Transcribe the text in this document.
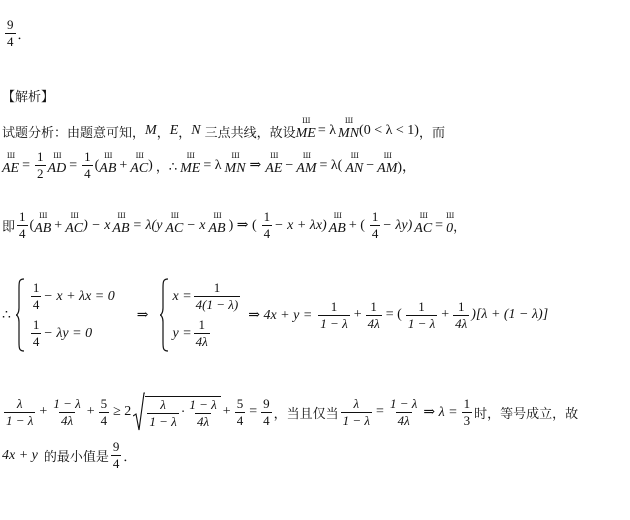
$\frac{9}{4}$ ．
【解析】
试题分析：由题意可知， M ， E ， N 三点共线，故设 Ш ME = λ Ш MN (0 < λ < 1) ，而
Ш AE = $\frac{1}{2}$ Ш AD = $\frac{1}{4}$ ( Ш AB + Ш AC ) ，∴ Ш ME = λ Ш MN ⇒ Ш AE − Ш AM = λ( Ш AN − Ш AM )，
即 $\frac{1}{4}$ ( Ш AB + Ш AC ) − x Ш AB = λ(y Ш AC − x Ш AB ) ⇒ ( $\frac{1}{4} - x + \lambda x$) Ш AB + ( $\frac{1}{4} - \lambda y$) Ш AC = Ш 0 ，
∴
$\frac{1}{4} - x + \lambda x = 0$
$\frac{1}{4} - \lambda y = 0$
⇒
$x = \frac{1}{4(1 - \lambda)}$
$y = \frac{1}{4\lambda}$
⇒ $4x + y = \frac{1}{1 - \lambda} + \frac{1}{4\lambda}$ = ( $\frac{1}{1 - \lambda} + \frac{1}{4\lambda} )[\lambda + (1 - \lambda)]$
$\frac{\lambda}{1 - \lambda} + \frac{1 - \lambda}{4\lambda} + \frac{5}{4} \ge 2 \frac{\lambda}{1 - \lambda} \cdot \frac{1 - \lambda}{4\lambda} + \frac{5}{4} = \frac{9}{4}$ ，当且仅当 $\frac{\lambda}{1 - \lambda} = \frac{1 - \lambda}{4\lambda}$ ⇒ $\lambda = \frac{1}{3}$ 时，等号成立，故
4x + y 的最小值是 $\frac{9}{4}$ ．
